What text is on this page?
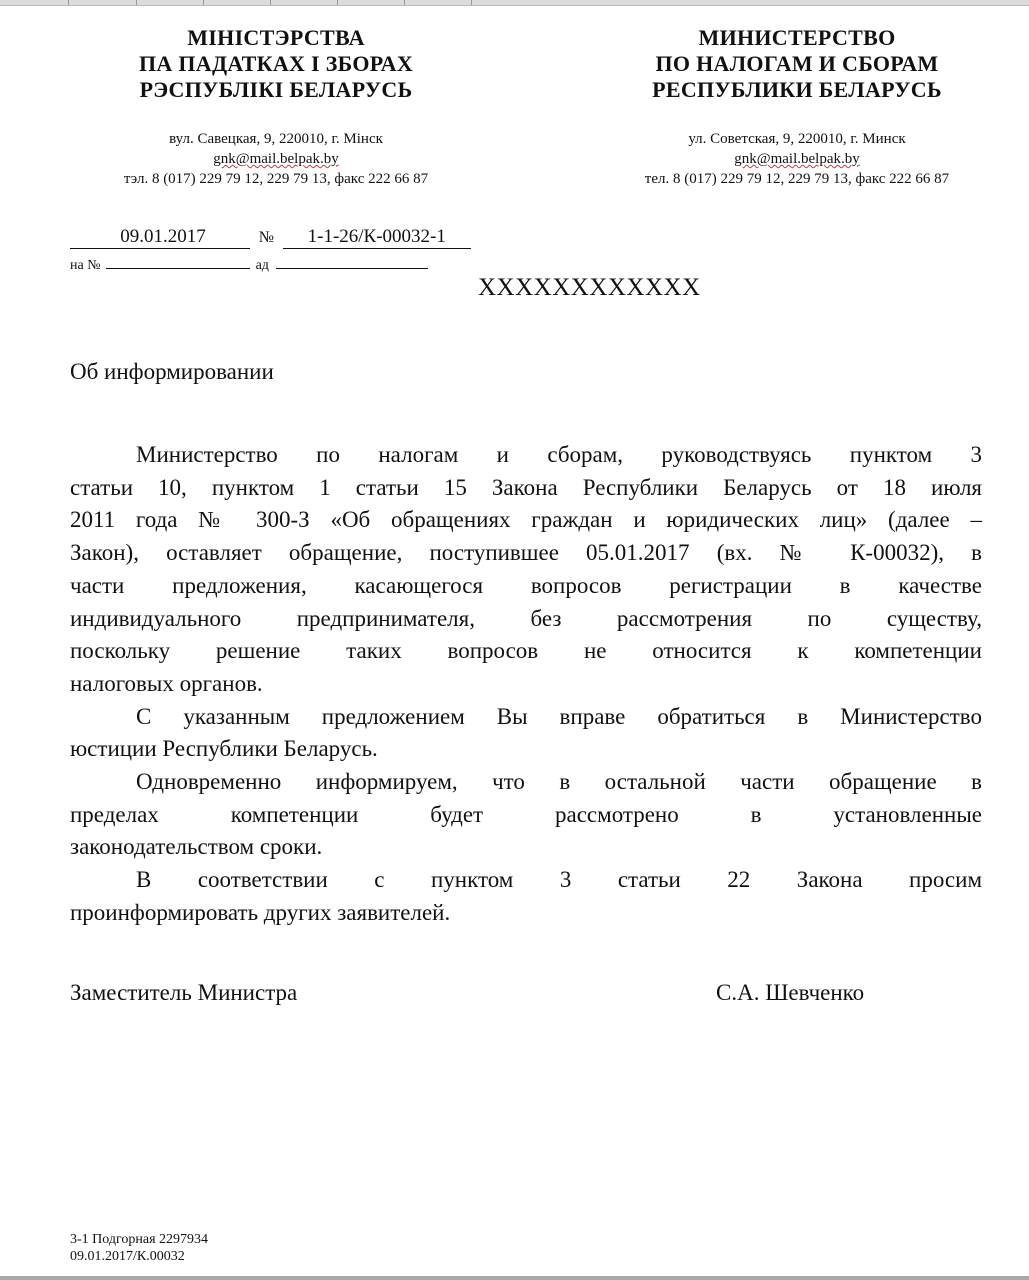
МІНІСТЭРСТВА
ПА ПАДАТКАХ І ЗБОРАХ
РЭСПУБЛІКІ БЕЛАРУСЬ
вул. Савецкая, 9, 220010, г. Мінск
gnk@mail.belpak.by
тэл. 8 (017) 229 79 12, 229 79 13, факс 222 66 87
МИНИСТЕРСТВО
ПО НАЛОГАМ И СБОРАМ
РЕСПУБЛИКИ БЕЛАРУСЬ
ул. Советская, 9, 220010, г. Минск
gnk@mail.belpak.by
тел. 8 (017) 229 79 12, 229 79 13, факс 222 66 87
09.01.2017	№ 1-1-26/К-00032-1
на №	ад
XXXXXXXXXXXX
Об информировании
Министерство по налогам и сборам, руководствуясь пунктом 3
статьи 10, пунктом 1 статьи 15 Закона Республики Беларусь от 18 июля
2011 года № 300-З «Об обращениях граждан и юридических лиц» (далее –
Закон), оставляет обращение, поступившее 05.01.2017 (вх. № К-00032), в
части предложения, касающегося вопросов регистрации в качестве
индивидуального предпринимателя, без рассмотрения по существу,
поскольку решение таких вопросов не относится к компетенции
налоговых органов.
С указанным предложением Вы вправе обратиться в Министерство
юстиции Республики Беларусь.
Одновременно информируем, что в остальной части обращение в
пределах компетенции будет рассмотрено в установленные
законодательством сроки.
В соответствии с пунктом 3 статьи 22 Закона просим
проинформировать других заявителей.
Заместитель Министра	С.А. Шевченко
3-1 Подгорная 2297934
09.01.2017/К.00032
